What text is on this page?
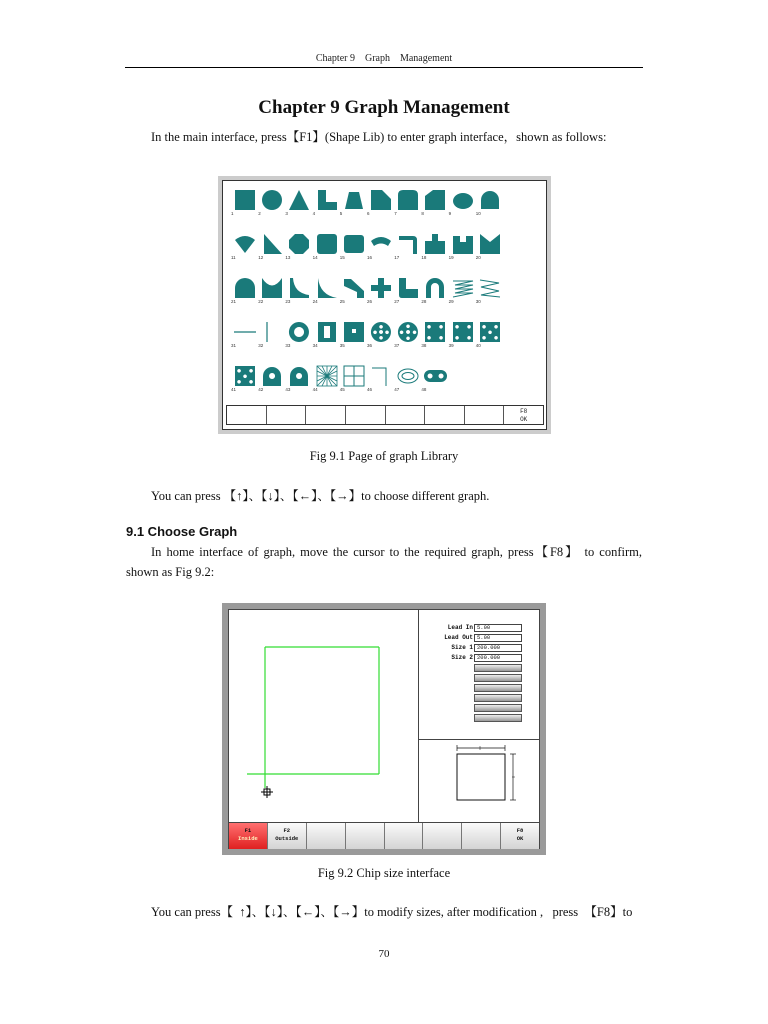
Chapter 9    Graph    Management
Chapter 9 Graph Management
In the main interface, press【F1】(Shape Lib) to enter graph interface，shown as follows:
1	2	3	4	5	6	7	8	9	10
11	12	13	14	15	16	17	18	19	20
21	22	23	24	25	26	27	28	29	30
31	32	33	34	35	36	37	38	39	40
41	42	43	44	45	46	47	48
F8
OK
Fig 9.1 Page of graph Library
You can press 【↑】、【↓】、【←】、【→】to choose different graph.
9.1 Choose Graph
In home interface of graph, move the cursor to the required graph, press【F8】 to confirm, shown as Fig 9.2:
Lead In 5.00
Lead Out 5.00
Size 1 200.000
Size 2 200.000
F1
Inside
F2
Outside
F8
OK
Fig 9.2 Chip size interface
You can press【  ↑】、【↓】、【←】、【→】to modify sizes, after modification ,   press  【F8】to
70
